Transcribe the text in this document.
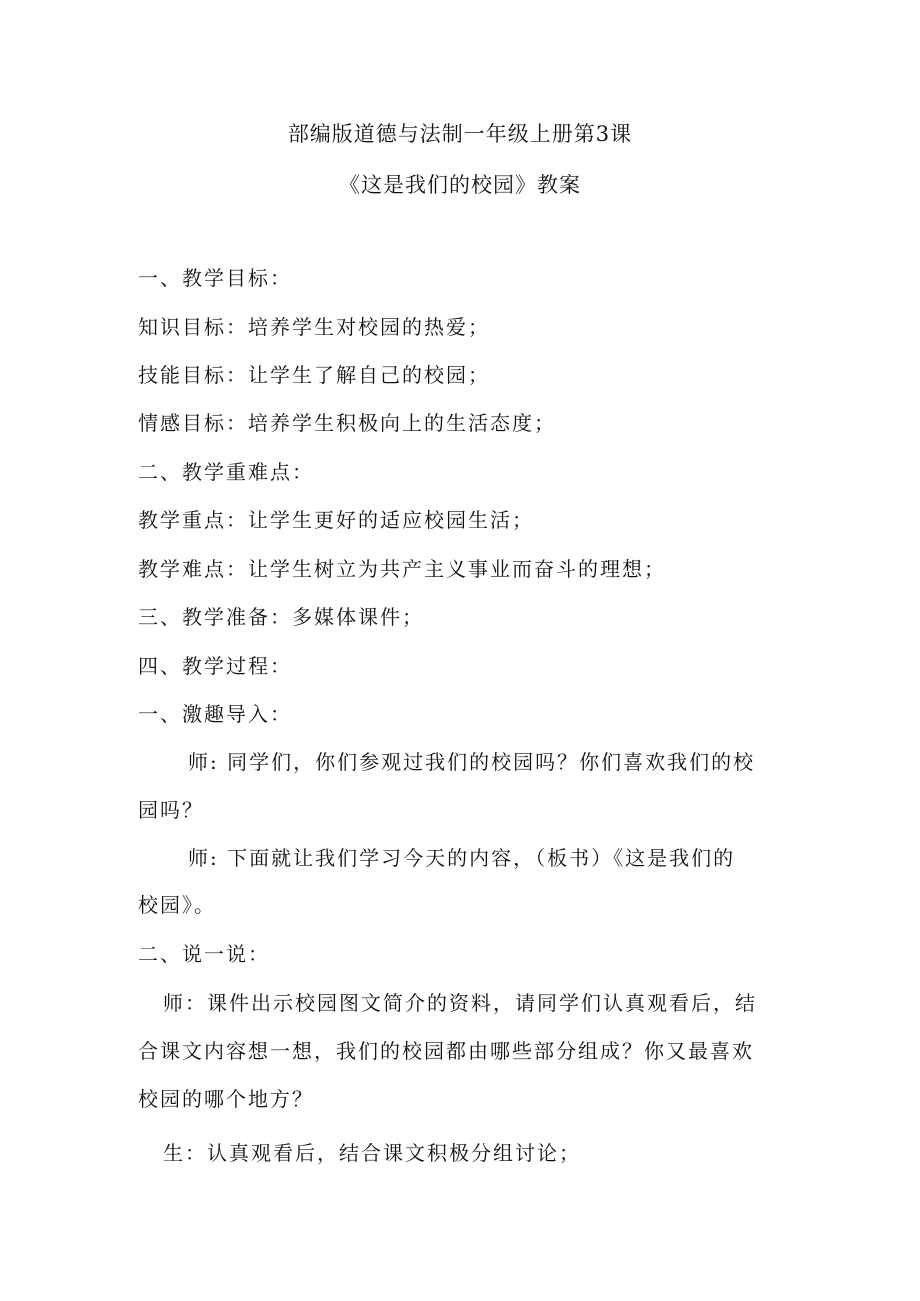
部编版道德与法制一年级上册第3课
《这是我们的校园》教案
一、教学目标：
知识目标：培养学生对校园的热爱；
技能目标：让学生了解自己的校园；
情感目标：培养学生积极向上的生活态度；
二、教学重难点：
教学重点：让学生更好的适应校园生活；
教学难点：让学生树立为共产主义事业而奋斗的理想；
三、教学准备：多媒体课件；
四、教学过程：
一、激趣导入：
师: 同学们，你们参观过我们的校园吗？你们喜欢我们的校
园吗？
师: 下面就让我们学习今天的内容，（板书）《这是我们的
校园》。
二、说一说：
师：课件出示校园图文简介的资料，请同学们认真观看后，结
合课文内容想一想，我们的校园都由哪些部分组成？你又最喜欢
校园的哪个地方？
生：认真观看后，结合课文积极分组讨论；
